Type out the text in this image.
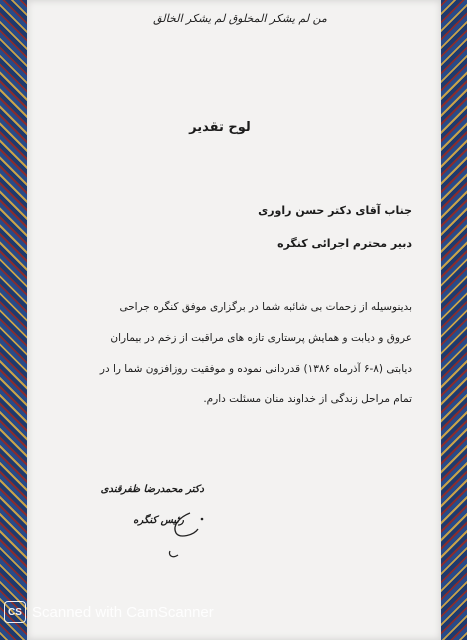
من لم يشكر المخلوق لم يشكر الخالق
لوح تقدیر
جناب آقای دکتر حسن راوری
دبیر محترم اجرائی کنگره
بدینوسیله از زحمات بی شائبه شما در برگزاری موفق کنگره جراحی
عروق و دیابت و همایش پرستاری تازه های مراقبت از زخم در بیماران
دیابتی (۸-۶ آذرماه ۱۳۸۶) قدردانی نموده و موفقیت روزافزون شما را در
تمام مراحل زندگی از خداوند منان مسئلت دارم.
دکتر محمدرضا ظفرقندی
رئیس کنگره
CS Scanned with CamScanner
